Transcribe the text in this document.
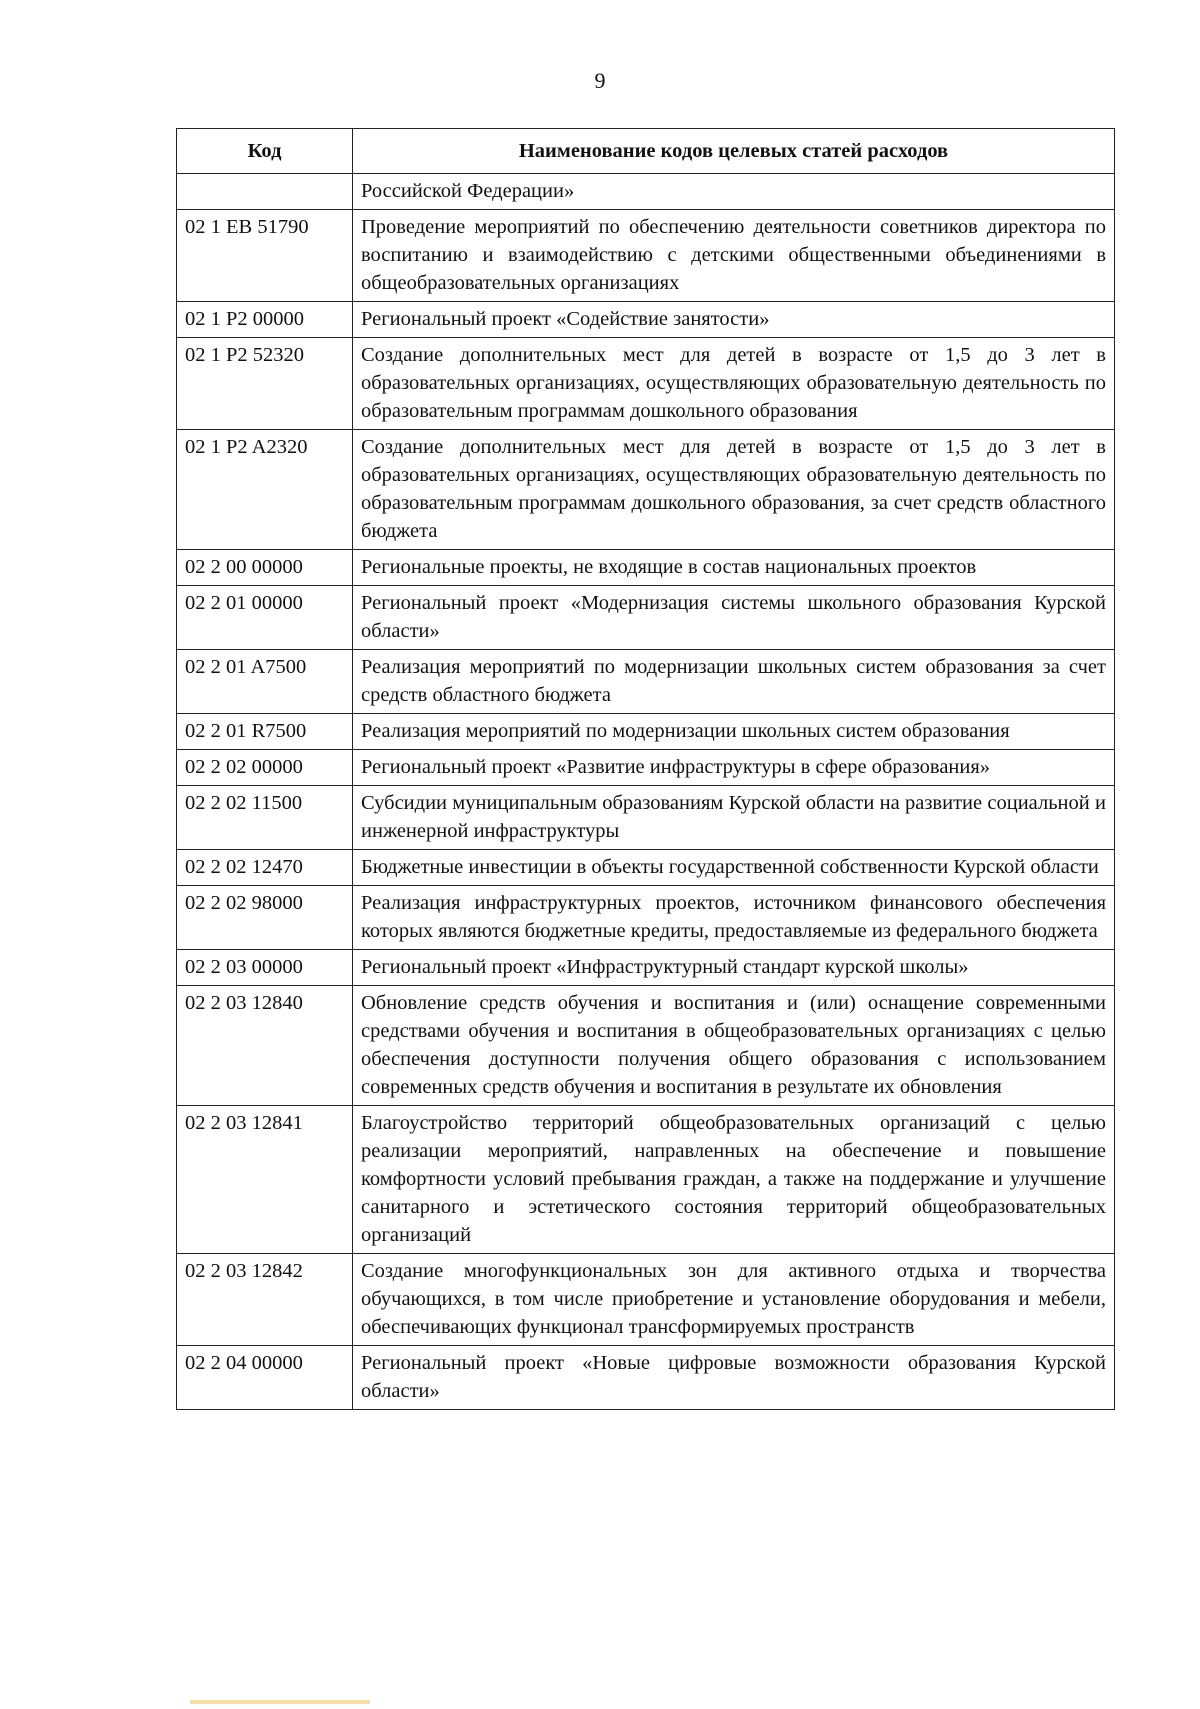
9
Код	Наименование кодов целевых статей расходов
	Российской Федерации»
02 1 EB 51790	Проведение мероприятий по обеспечению деятельности советников директора по воспитанию и взаимодействию с детскими общественными объединениями в общеобразовательных организациях
02 1 P2 00000	Региональный проект «Содействие занятости»
02 1 P2 52320	Создание дополнительных мест для детей в возрасте от 1,5 до 3 лет в образовательных организациях, осуществляющих образовательную деятельность по образовательным программам дошкольного образования
02 1 P2 A2320	Создание дополнительных мест для детей в возрасте от 1,5 до 3 лет в образовательных организациях, осуществляющих образовательную деятельность по образовательным программам дошкольного образования, за счет средств областного бюджета
02 2 00 00000	Региональные проекты, не входящие в состав национальных проектов
02 2 01 00000	Региональный проект «Модернизация системы школьного образования Курской области»
02 2 01 A7500	Реализация мероприятий по модернизации школьных систем образования за счет средств областного бюджета
02 2 01 R7500	Реализация мероприятий по модернизации школьных систем образования
02 2 02 00000	Региональный проект «Развитие инфраструктуры в сфере образования»
02 2 02 11500	Субсидии муниципальным образованиям Курской области на развитие социальной и инженерной инфраструктуры
02 2 02 12470	Бюджетные инвестиции в объекты государственной собственности Курской области
02 2 02 98000	Реализация инфраструктурных проектов, источником финансового обеспечения которых являются бюджетные кредиты, предоставляемые из федерального бюджета
02 2 03 00000	Региональный проект «Инфраструктурный стандарт курской школы»
02 2 03 12840	Обновление средств обучения и воспитания и (или) оснащение современными средствами обучения и воспитания в общеобразовательных организациях с целью обеспечения доступности получения общего образования с использованием современных средств обучения и воспитания в результате их обновления
02 2 03 12841	Благоустройство территорий общеобразовательных организаций с целью реализации мероприятий, направленных на обеспечение и повышение комфортности условий пребывания граждан, а также на поддержание и улучшение санитарного и эстетического состояния территорий общеобразовательных организаций
02 2 03 12842	Создание многофункциональных зон для активного отдыха и творчества обучающихся, в том числе приобретение и установление оборудования и мебели, обеспечивающих функционал трансформируемых пространств
02 2 04 00000	Региональный проект «Новые цифровые возможности образования Курской области»
